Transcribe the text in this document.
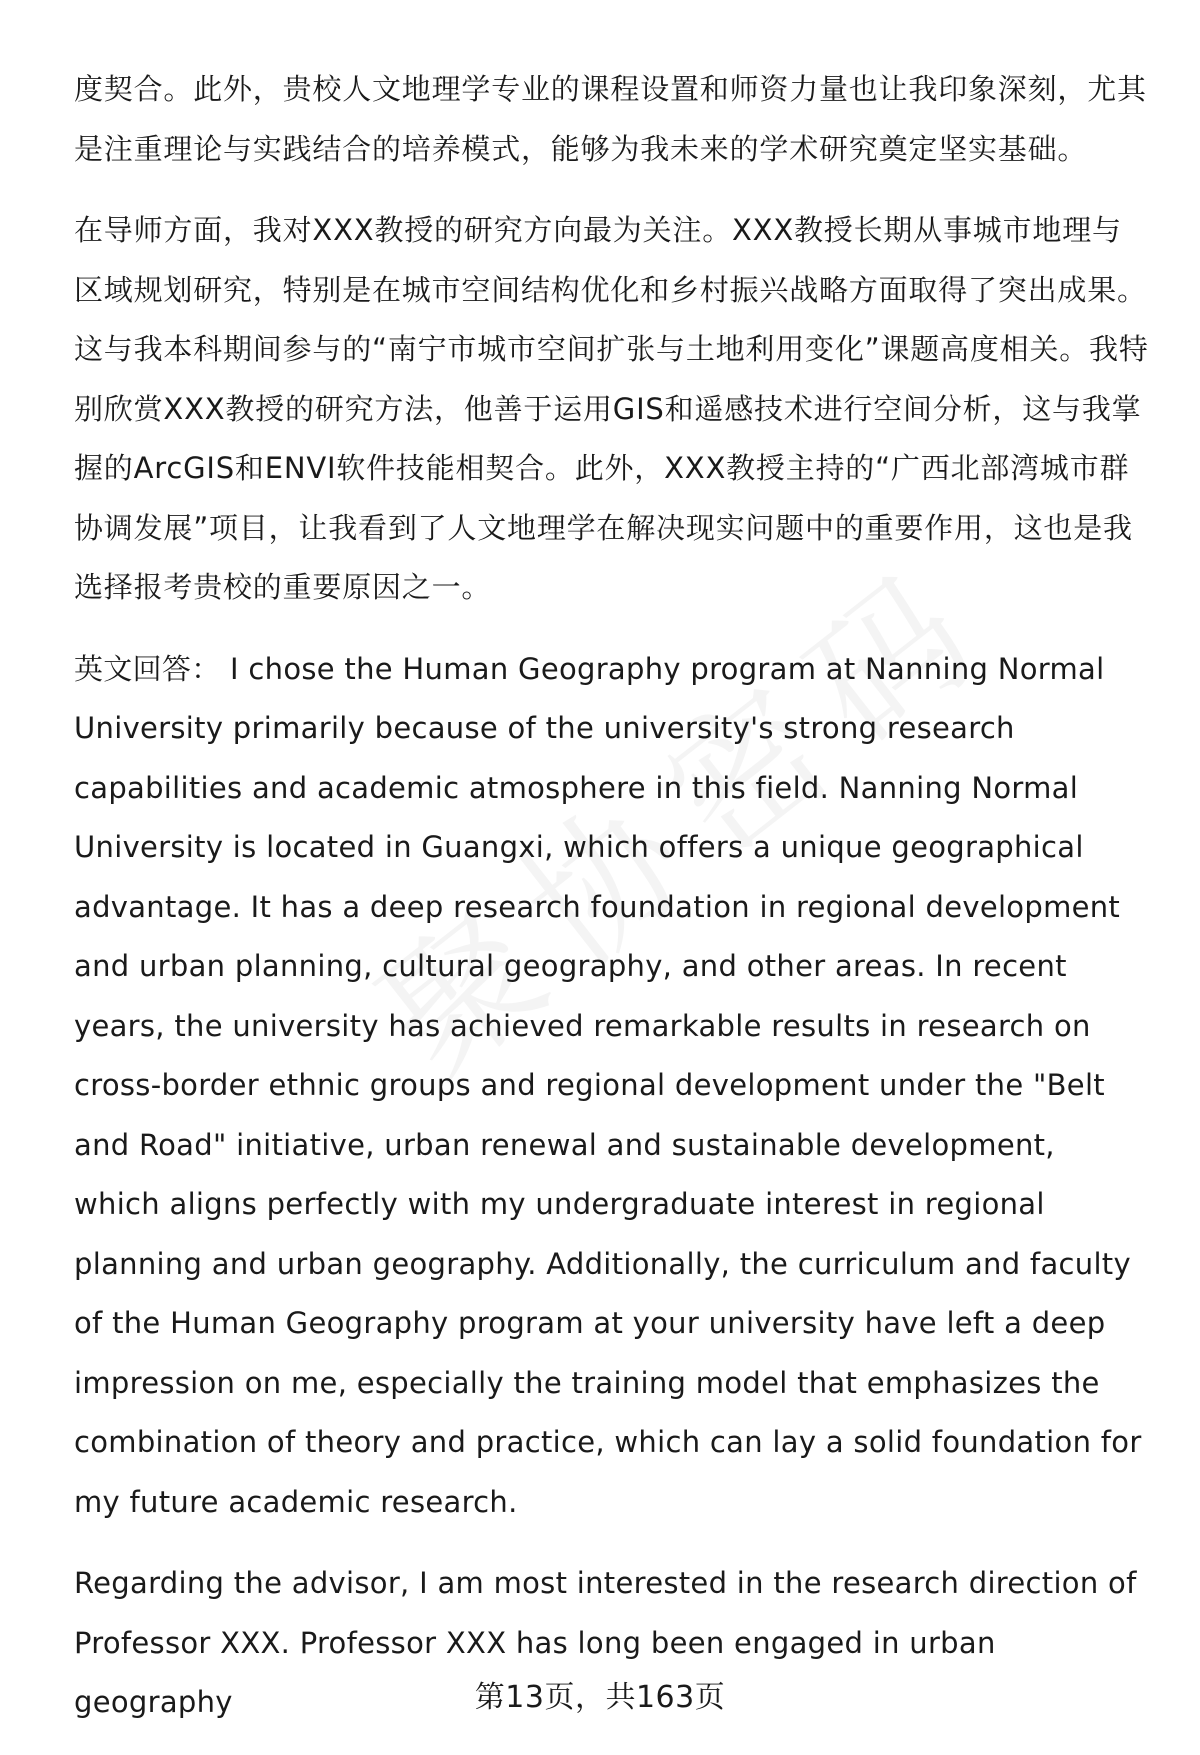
度契合。此外，贵校人文地理学专业的课程设置和师资力量也让我印象深刻，尤其是注重理论与实践结合的培养模式，能够为我未来的学术研究奠定坚实基础。

在导师方面，我对XXX教授的研究方向最为关注。XXX教授长期从事城市地理与区域规划研究，特别是在城市空间结构优化和乡村振兴战略方面取得了突出成果。这与我本科期间参与的“南宁市城市空间扩张与土地利用变化”课题高度相关。我特别欣赏XXX教授的研究方法，他善于运用GIS和遥感技术进行空间分析，这与我掌握的ArcGIS和ENVI软件技能相契合。此外，XXX教授主持的“广西北部湾城市群协调发展”项目，让我看到了人文地理学在解决现实问题中的重要作用，这也是我选择报考贵校的重要原因之一。

英文回答： I chose the Human Geography program at Nanning Normal University primarily because of the university's strong research capabilities and academic atmosphere in this field. Nanning Normal University is located in Guangxi, which offers a unique geographical advantage. It has a deep research foundation in regional development and urban planning, cultural geography, and other areas. In recent years, the university has achieved remarkable results in research on cross-border ethnic groups and regional development under the "Belt and Road" initiative, urban renewal and sustainable development, which aligns perfectly with my undergraduate interest in regional planning and urban geography. Additionally, the curriculum and faculty of the Human Geography program at your university have left a deep impression on me, especially the training model that emphasizes the combination of theory and practice, which can lay a solid foundation for my future academic research.

Regarding the advisor, I am most interested in the research direction of Professor XXX. Professor XXX has long been engaged in urban geography	第13页，共163页
